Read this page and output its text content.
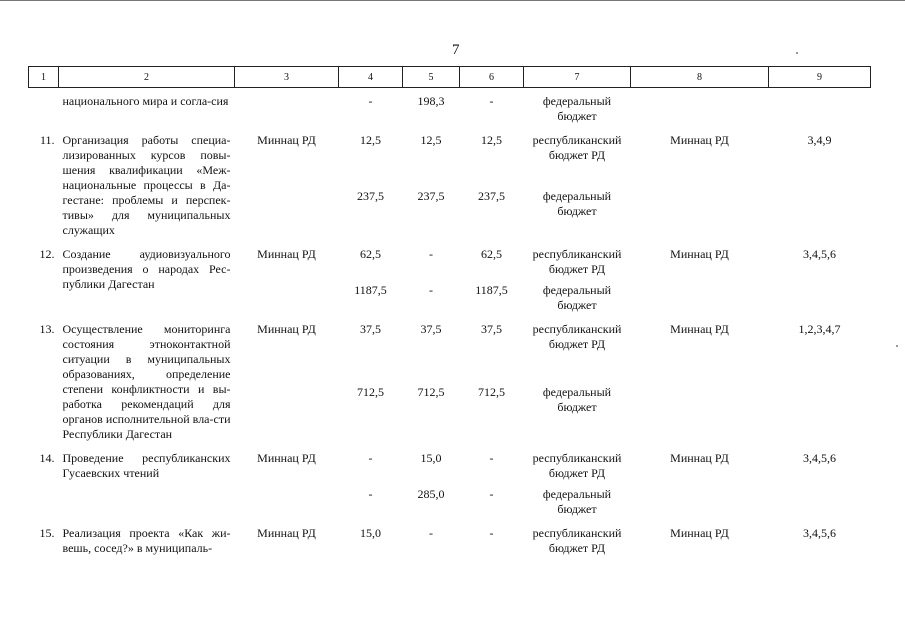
7
1	2	3	4	5	6	7	8	9
	национального мира и согла-сия		-	198,3	-	федеральный бюджет		

11.	Организация работы специа-лизированных курсов повы-шения квалификации «Меж-национальные процессы в Да-гестане: проблемы и перспек-тивы» для муниципальных служащих	Миннац РД	12,5	12,5	12,5	республиканский бюджет РД	Миннац РД	3,4,9

			237,5	237,5	237,5	федеральный бюджет		

12.	Создание аудиовизуального произведения о народах Рес-публики Дагестан	Миннац РД	62,5	-	62,5	республиканский бюджет РД	Миннац РД	3,4,5,6

			1187,5	-	1187,5	федеральный бюджет		

13.	Осуществление мониторинга состояния этноконтактной ситуации в муниципальных образованиях, определение степени конфликтности и вы-работка рекомендаций для органов исполнительной вла-сти Республики Дагестан	Миннац РД	37,5	37,5	37,5	республиканский бюджет РД	Миннац РД	1,2,3,4,7

			712,5	712,5	712,5	федеральный бюджет		

14.	Проведение республиканских Гусаевских чтений	Миннац РД	-	15,0	-	республиканский бюджет РД	Миннац РД	3,4,5,6

			-	285,0	-	федеральный бюджет		

15.	Реализация проекта «Как жи-вешь, сосед?» в муниципаль-	Миннац РД	15,0	-	-	республиканский бюджет РД	Миннац РД	3,4,5,6
